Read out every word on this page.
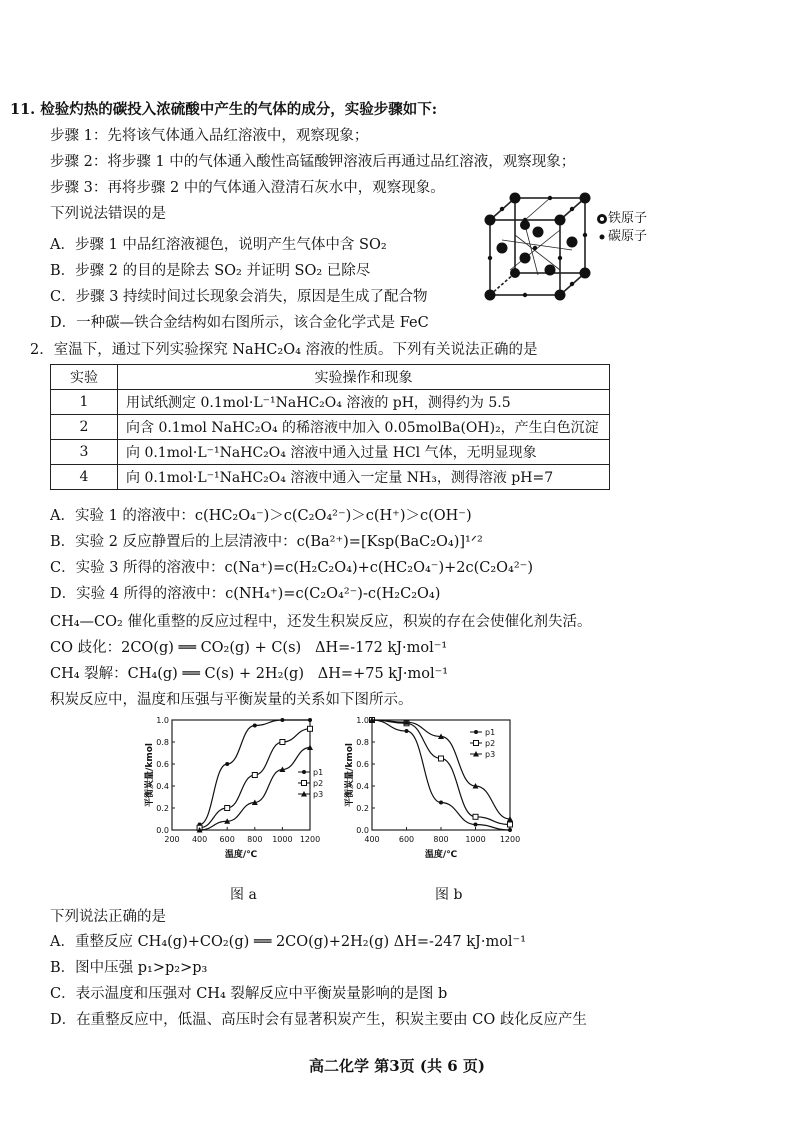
11. 检验灼热的碳投入浓硫酸中产生的气体的成分，实验步骤如下:
步骤 1：先将该气体通入品红溶液中，观察现象；
步骤 2：将步骤 1 中的气体通入酸性高锰酸钾溶液后再通过品红溶液，观察现象；
步骤 3：再将步骤 2 中的气体通入澄清石灰水中，观察现象。
下列说法错误的是
A．步骤 1 中品红溶液褪色，说明产生气体中含 SO₂
B．步骤 2 的目的是除去 SO₂ 并证明 SO₂ 已除尽
C．步骤 3 持续时间过长现象会消失，原因是生成了配合物
D．一种碳—铁合金结构如右图所示，该合金化学式是 FeC
铁原子
碳原子
2．室温下，通过下列实验探究 NaHC₂O₄ 溶液的性质。下列有关说法正确的是
实验	实验操作和现象
1	用试纸测定 0.1mol·L⁻¹NaHC₂O₄ 溶液的 pH，测得约为 5.5
2	向含 0.1mol NaHC₂O₄ 的稀溶液中加入 0.05molBa(OH)₂，产生白色沉淀
3	向 0.1mol·L⁻¹NaHC₂O₄ 溶液中通入过量 HCl 气体，无明显现象
4	向 0.1mol·L⁻¹NaHC₂O₄ 溶液中通入一定量 NH₃，测得溶液 pH=7
A．实验 1 的溶液中：c(HC₂O₄⁻)＞c(C₂O₄²⁻)＞c(H⁺)＞c(OH⁻)
B．实验 2 反应静置后的上层清液中：c(Ba²⁺)=[Ksp(BaC₂O₄)]¹ᐟ²
C．实验 3 所得的溶液中：c(Na⁺)=c(H₂C₂O₄)+c(HC₂O₄⁻)+2c(C₂O₄²⁻)
D．实验 4 所得的溶液中：c(NH₄⁺)=c(C₂O₄²⁻)-c(H₂C₂O₄)
CH₄—CO₂ 催化重整的反应过程中，还发生积炭反应，积炭的存在会使催化剂失活。
CO 歧化：2CO(g) ══ CO₂(g) + C(s)   ΔH=-172 kJ·mol⁻¹
CH₄ 裂解：CH₄(g) ══ C(s) + 2H₂(g)   ΔH=+75 kJ·mol⁻¹
积炭反应中，温度和压强与平衡炭量的关系如下图所示。
0.0
0.2
0.4
0.6
0.8
1.0
200 400 600 800 1000 1200
温度/℃
平衡炭量/kmol	p1
p2
p3
0.0
0.2
0.4
0.6
0.8
1.0
400 600 800 1000 1200
温度/℃
平衡炭量/kmol
p1
p2
p3
图 a	图 b
下列说法正确的是
A．重整反应 CH₄(g)+CO₂(g) ══ 2CO(g)+2H₂(g) ΔH=-247 kJ·mol⁻¹
B．图中压强 p₁>p₂>p₃
C．表示温度和压强对 CH₄ 裂解反应中平衡炭量影响的是图 b
D．在重整反应中，低温、高压时会有显著积炭产生，积炭主要由 CO 歧化反应产生
高二化学 第3页 (共 6 页)
